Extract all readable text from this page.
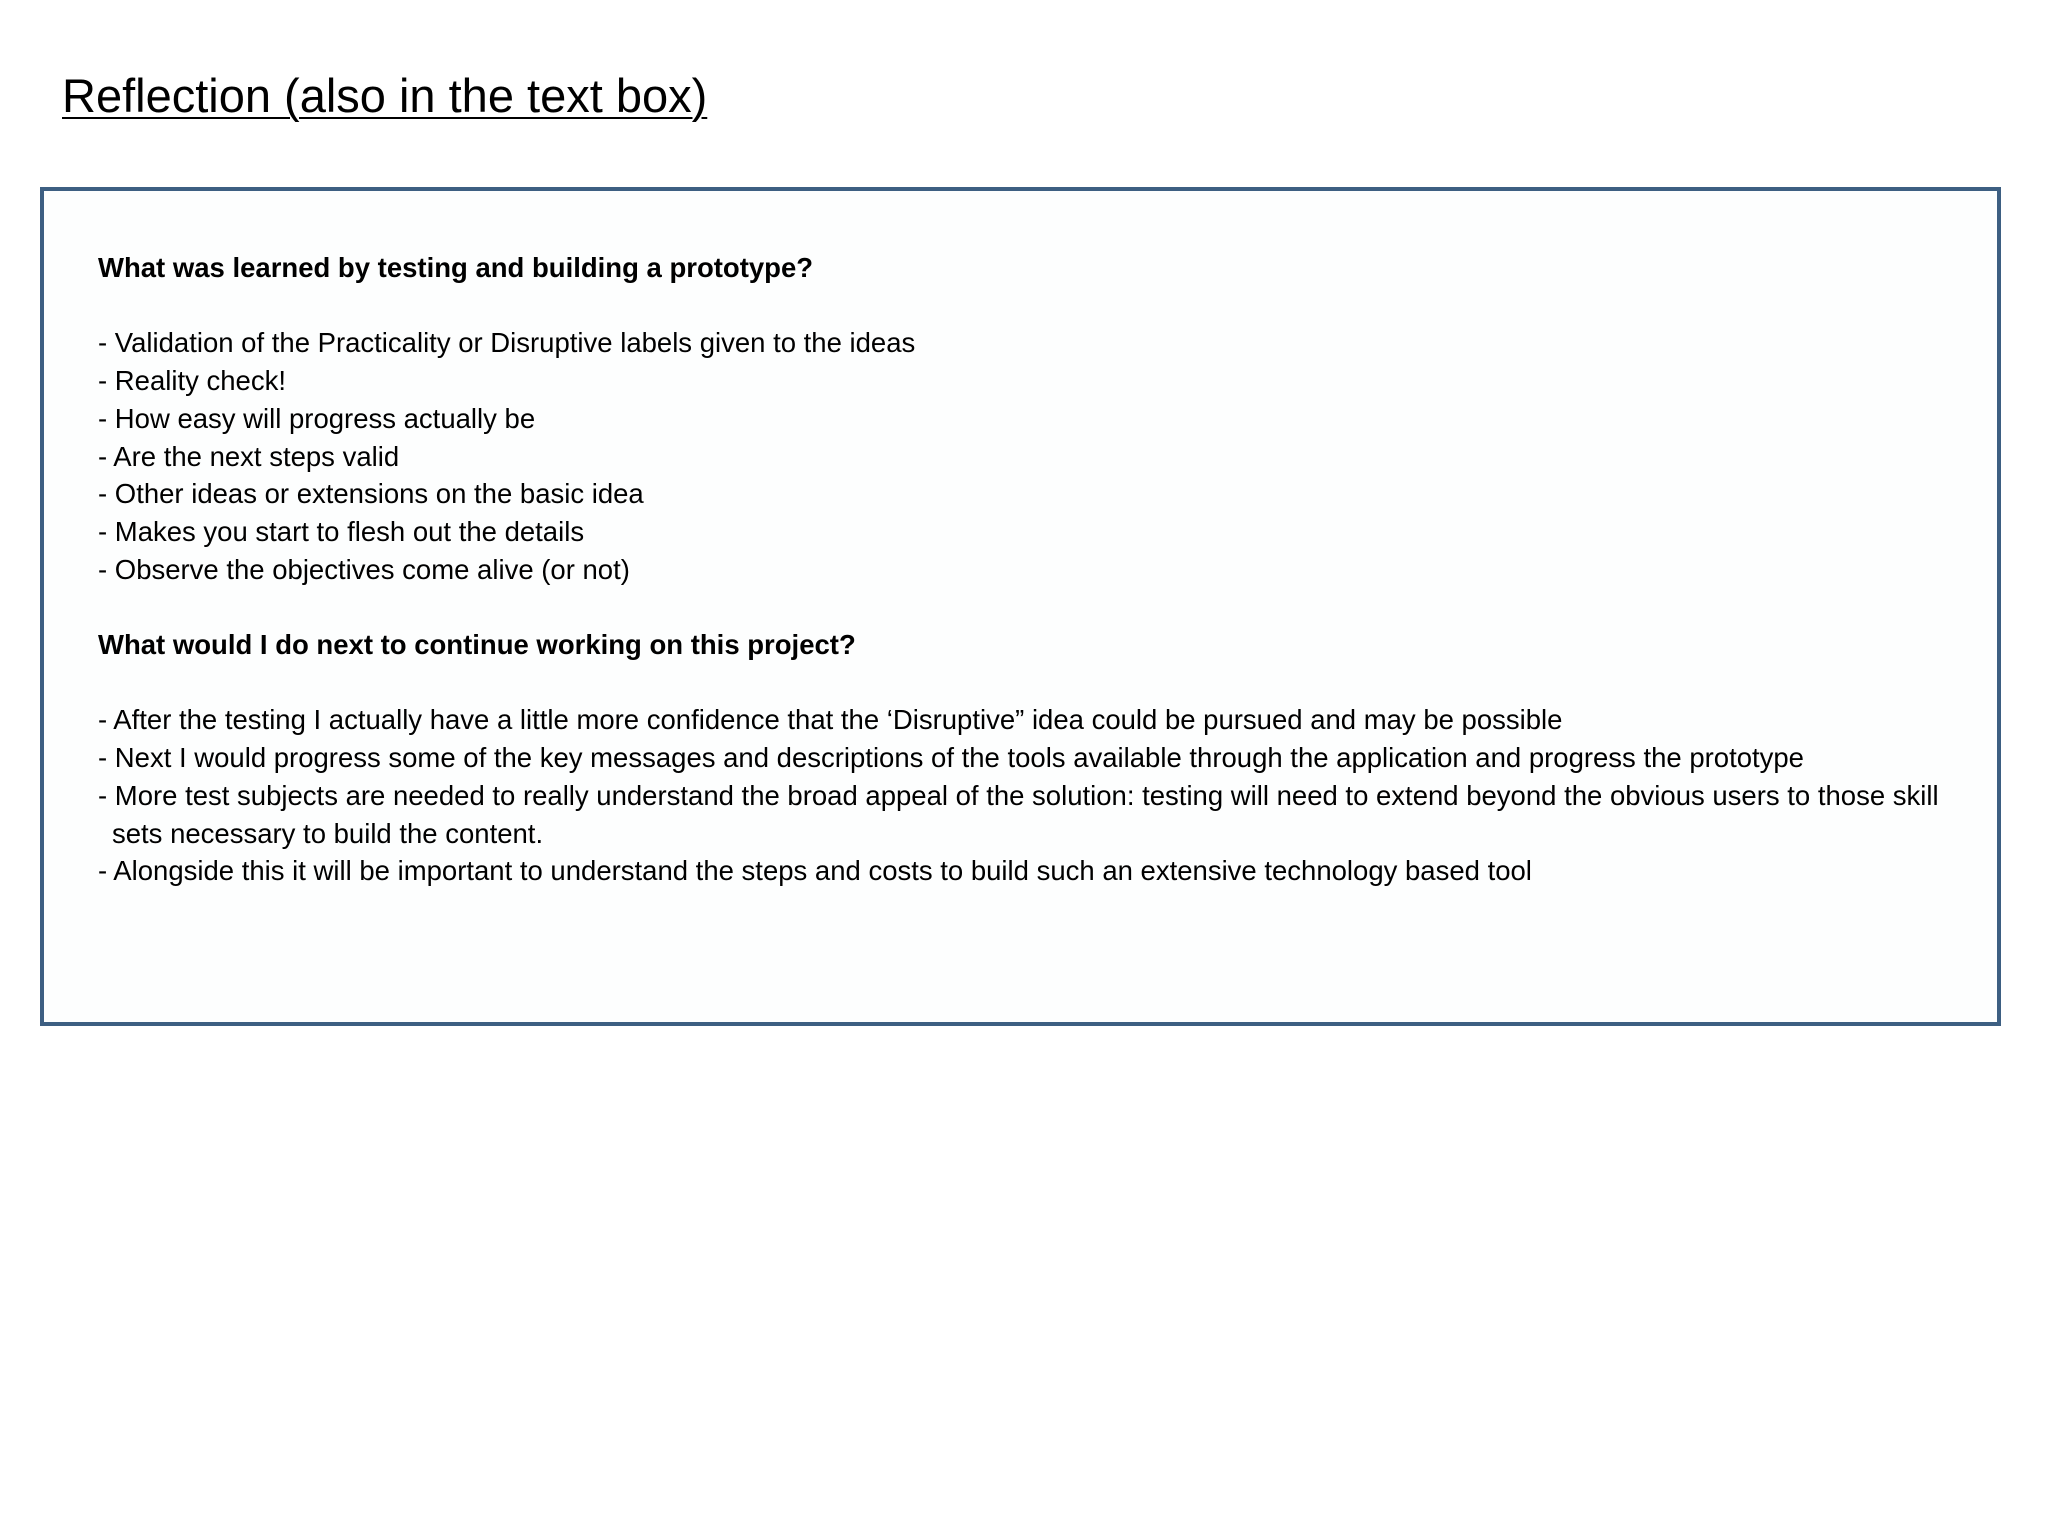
Reflection (also in the text box)

What was learned by testing and building a prototype?

- Validation of the Practicality or Disruptive labels given to the ideas

- Reality check!

- How easy will progress actually be

- Are the next steps valid

- Other ideas or extensions on the basic idea

- Makes you start to flesh out the details

- Observe the objectives come alive (or not)

What would I do next to continue working on this project?

- After the testing I actually have a little more confidence that the ‘Disruptive” idea could be pursued and may be possible

- Next I would progress some of the key messages and descriptions of the tools available through the application and progress the prototype

- More test subjects are needed to really understand the broad appeal of the solution: testing will need to extend beyond the obvious users to those skill sets necessary to build the content.

- Alongside this it will be important to understand the steps and costs to build such an extensive technology based tool
